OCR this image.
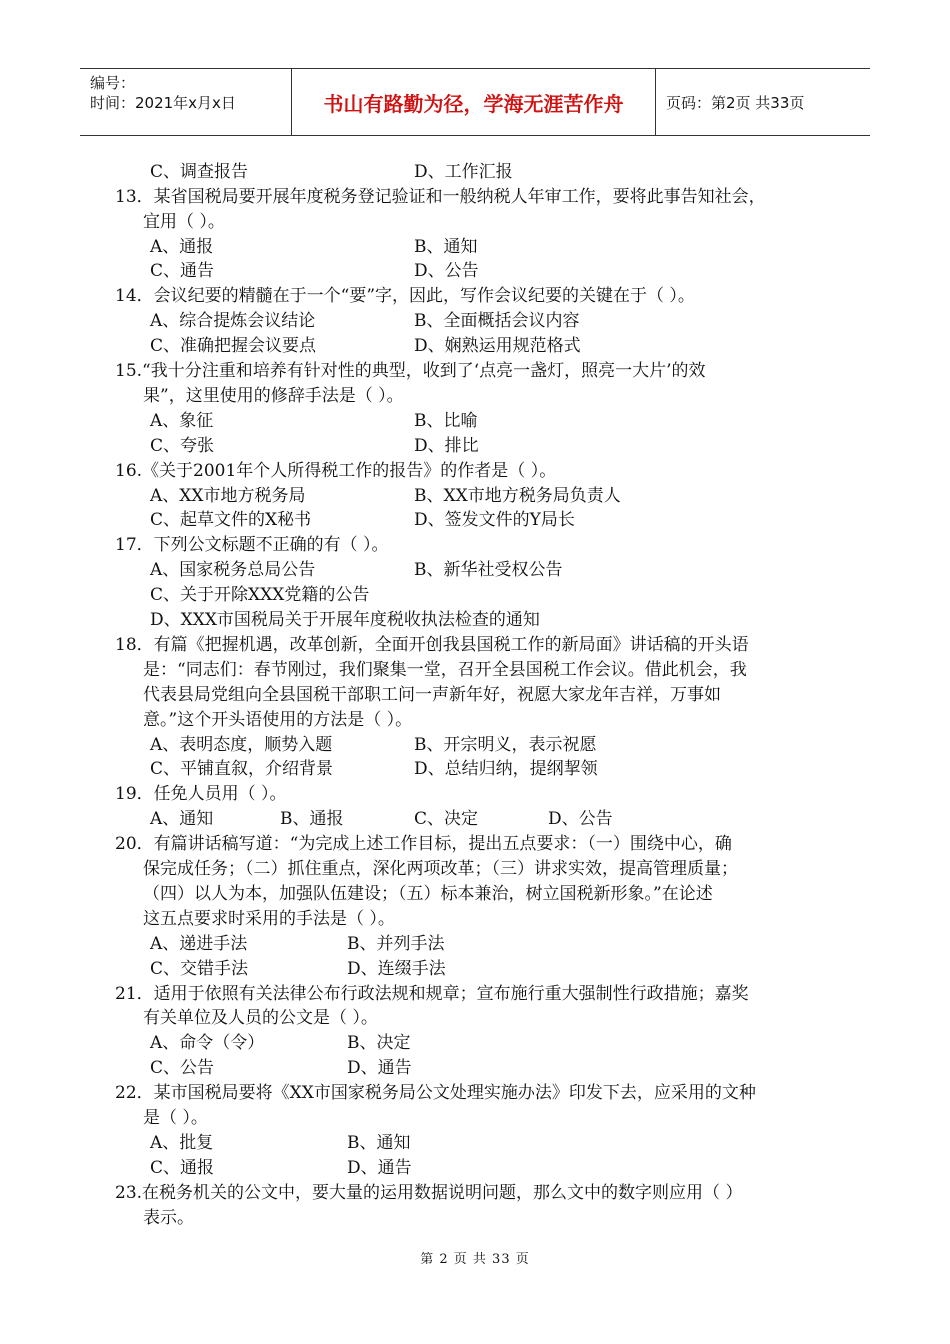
编号：
时间：2021年x月x日	书山有路勤为径，学海无涯苦作舟	页码：第2页 共33页
C、调查报告	D、工作汇报
13．某省国税局要开展年度税务登记验证和一般纳税人年审工作，要将此事告知社会，
宜用（ ）。
A、通报	B、通知
C、通告	D、公告
14．会议纪要的精髓在于一个“要”字，因此，写作会议纪要的关键在于（ ）。
A、综合提炼会议结论	B、全面概括会议内容
C、准确把握会议要点	D、娴熟运用规范格式
15.“我十分注重和培养有针对性的典型，收到了‘点亮一盏灯，照亮一大片’的效
果”，这里使用的修辞手法是（ ）。
A、象征	B、比喻
C、夸张	D、排比
16.《关于2001年个人所得税工作的报告》的作者是（ ）。
A、XX市地方税务局	B、XX市地方税务局负责人
C、起草文件的X秘书	D、签发文件的Y局长
17．下列公文标题不正确的有（ ）。
A、国家税务总局公告	B、新华社受权公告
C、关于开除XXX党籍的公告
D、XXX市国税局关于开展年度税收执法检查的通知
18．有篇《把握机遇，改革创新，全面开创我县国税工作的新局面》讲话稿的开头语
是：“同志们：春节刚过，我们聚集一堂，召开全县国税工作会议。借此机会，我
代表县局党组向全县国税干部职工问一声新年好，祝愿大家龙年吉祥，万事如
意。”这个开头语使用的方法是（ ）。
A、表明态度，顺势入题	B、开宗明义，表示祝愿
C、平铺直叙，介绍背景	D、总结归纳，提纲挈领
19．任免人员用（ ）。
A、通知	B、通报	C、决定	D、公告
20．有篇讲话稿写道：“为完成上述工作目标，提出五点要求：（一）围绕中心，确
保完成任务；（二）抓住重点，深化两项改革；（三）讲求实效，提高管理质量；
（四）以人为本，加强队伍建设；（五）标本兼治，树立国税新形象。”在论述
这五点要求时采用的手法是（ ）。
A、递进手法	B、并列手法
C、交错手法	D、连缀手法
21．适用于依照有关法律公布行政法规和规章；宣布施行重大强制性行政措施；嘉奖
有关单位及人员的公文是（ ）。
A、命令（令）	B、决定
C、公告	D、通告
22．某市国税局要将《XX市国家税务局公文处理实施办法》印发下去，应采用的文种
是（ ）。
A、批复	B、通知
C、通报	D、通告
23.在税务机关的公文中，要大量的运用数据说明问题，那么文中的数字则应用（ ）
表示。
第 2 页 共 33 页
